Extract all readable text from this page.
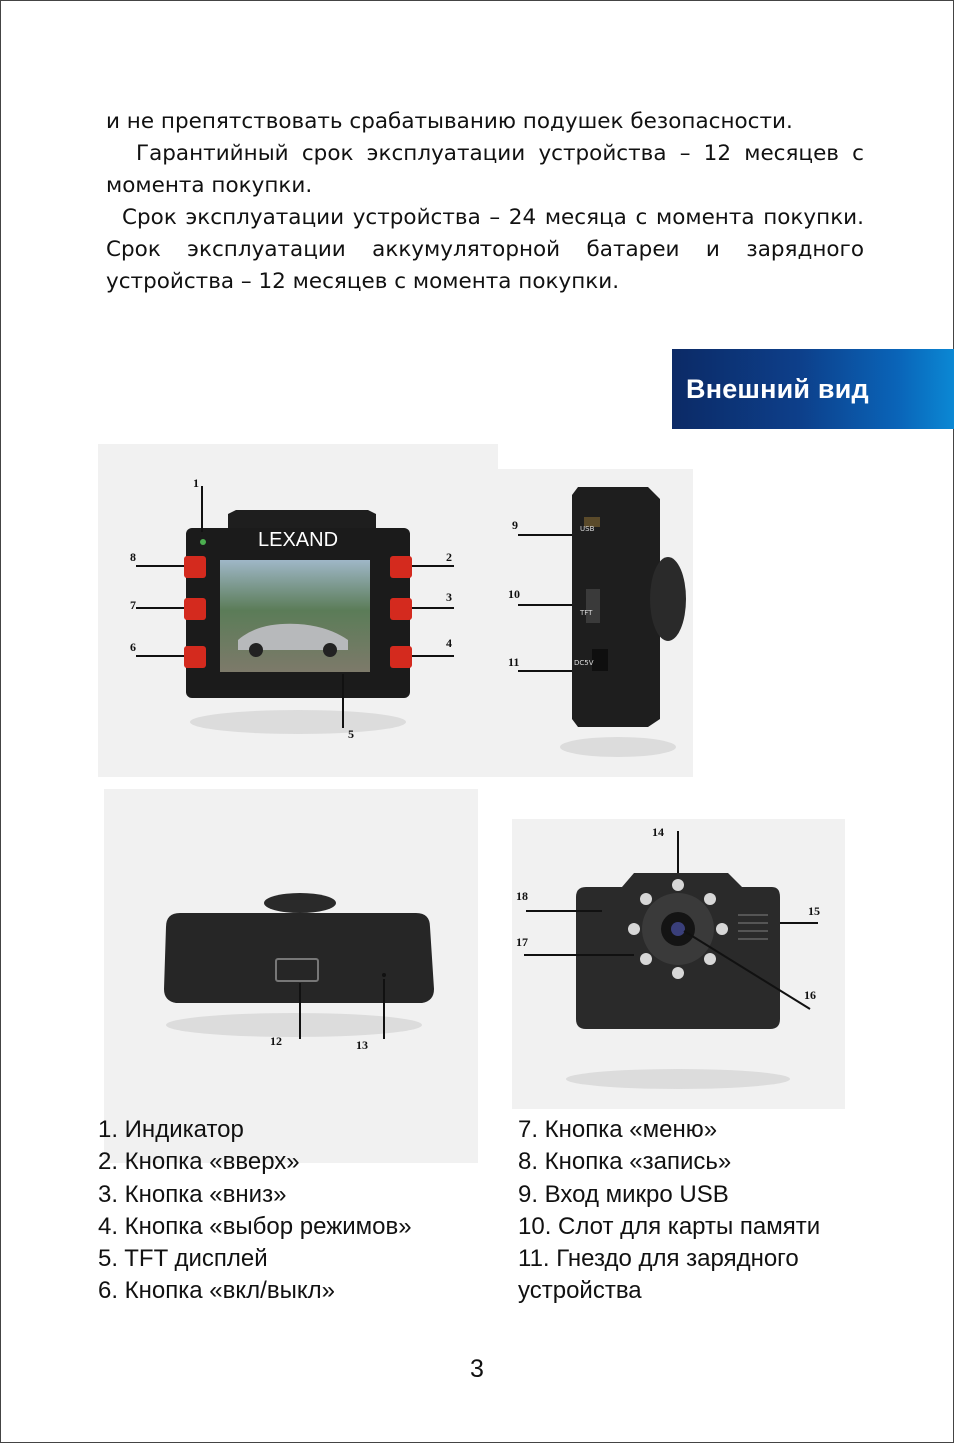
и не препятствовать срабатыванию подушек безопасности.

Гарантийный срок эксплуатации устройства – 12 месяцев с момента покупки.

Срок эксплуатации устройства – 24 месяца с момента покупки. Срок эксплуатации аккумуляторной батареи и зарядного устройства – 12 месяцев с момента покупки.

Внешний вид
LEXAND
1
2
3
4
5
6
7
8
USB
TFT
DC5V
9
10
11
12	13
14
15
16
17
18
1. Индикатор
2. Кнопка «вверх»
3. Кнопка «вниз»
4. Кнопка «выбор режимов»
5. TFT дисплей
6. Кнопка «вкл/выкл»
7. Кнопка «меню»
8. Кнопка «запись»
9. Вход микро USB
10. Слот для карты памяти
11. Гнездо для зарядного
устройства
3
